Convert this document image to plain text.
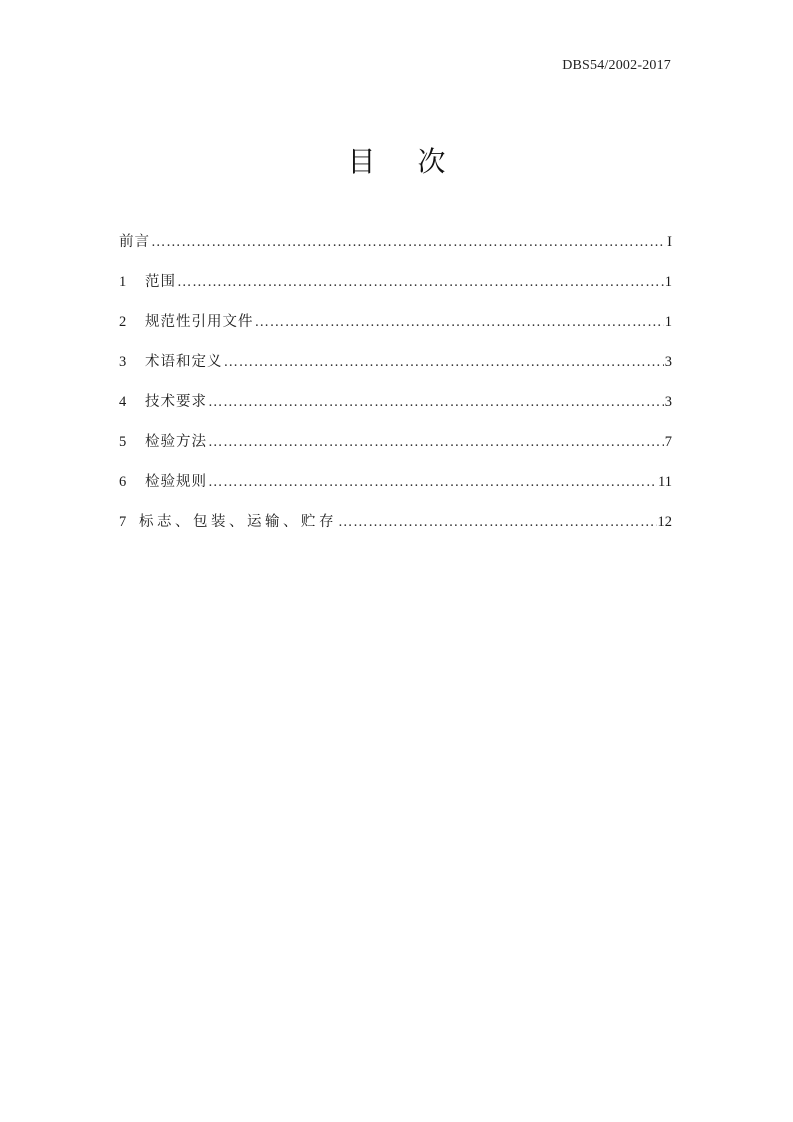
DBS54/2002-2017
目 次
前言 ………………………………………………………………………………………………………………………………………………………………	I
1	范围 ………………………………………………………………………………………………………………………………………………………………	1
2	规范性引用文件 ………………………………………………………………………………………………………………………………………………………………	1
3	术语和定义 ………………………………………………………………………………………………………………………………………………………………	3
4	技术要求 ………………………………………………………………………………………………………………………………………………………………	3
5	检验方法 ………………………………………………………………………………………………………………………………………………………………	7
6	检验规则 ………………………………………………………………………………………………………………………………………………………………	11
7 标志、包装、运输、贮存 ………………………………………………………………………………………………………………………………………………………………	12
